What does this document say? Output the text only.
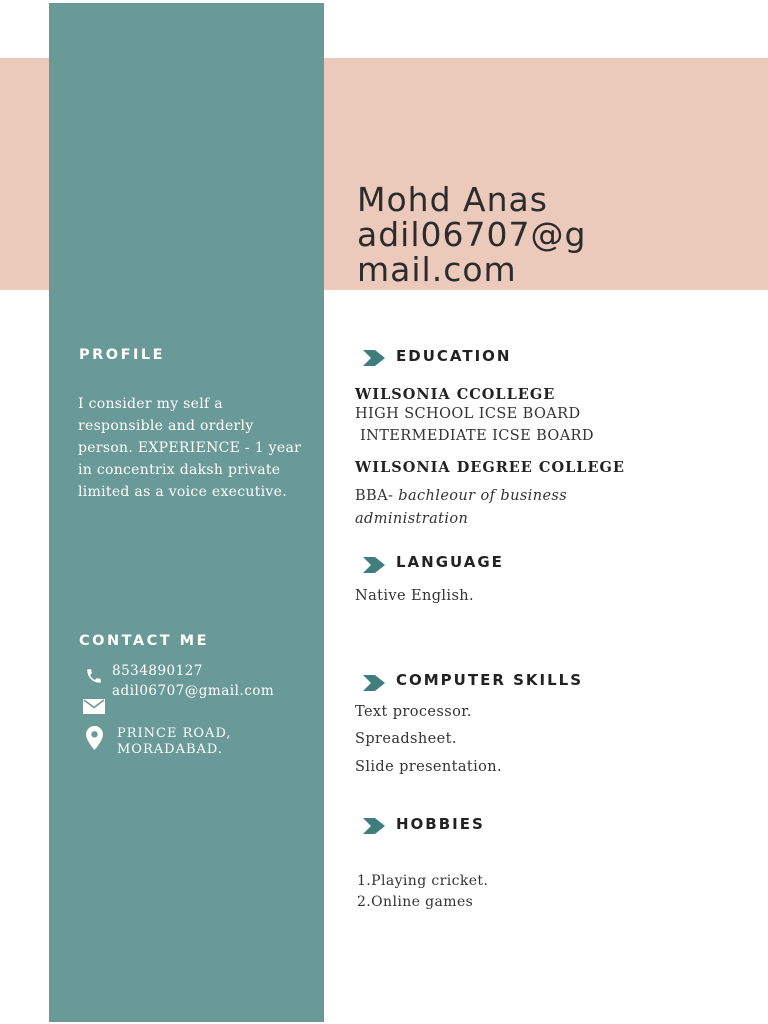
Mohd Anas
adil06707@gmail.com
PROFILE
I consider my self a responsible and orderly person. EXPERIENCE - 1 year in concentrix daksh private limited as a voice executive.
CONTACT ME
8534890127
adil06707@gmail.com
PRINCE ROAD,
MORADABAD.
EDUCATION
WILSONIA CCOLLEGE
HIGH SCHOOL ICSE BOARD
INTERMEDIATE ICSE BOARD
WILSONIA DEGREE COLLEGE
BBA- bachleour of business
administration
LANGUAGE
Native English.
COMPUTER SKILLS
Text processor.
Spreadsheet.
Slide presentation.
HOBBIES
1.Playing cricket.
2.Online games
